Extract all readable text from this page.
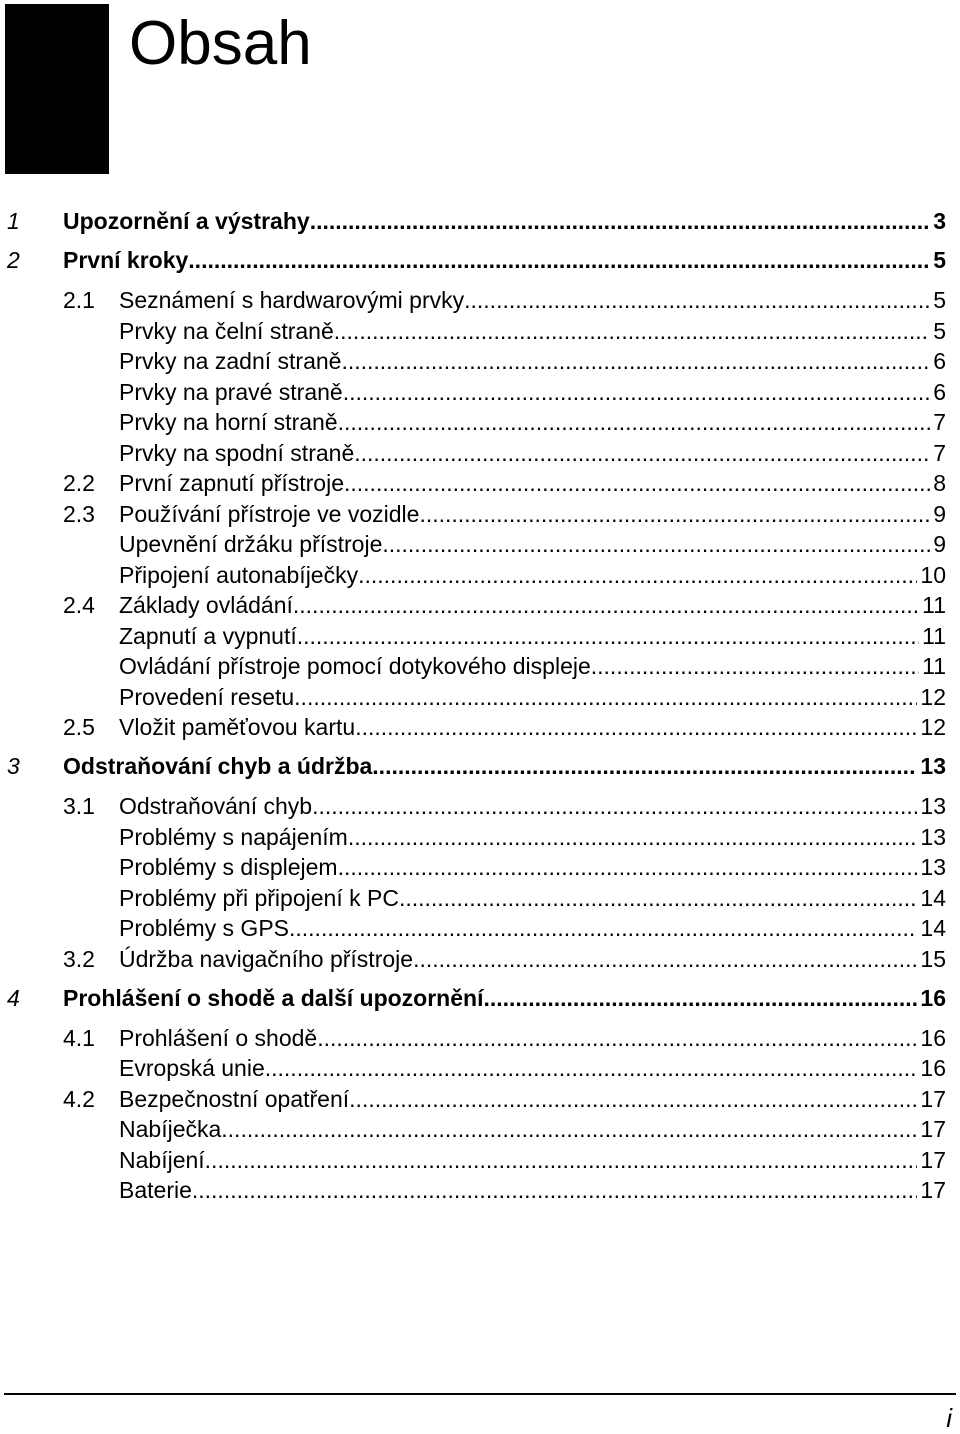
Obsah
1 Upozornění a výstrahy .....	3
2 První kroky .....	5
2.1 Seznámení s hardwarovými prvky .....	5
Prvky na čelní straně .....	5
Prvky na zadní straně .....	6
Prvky na pravé straně .....	6
Prvky na horní straně .....	7
Prvky na spodní straně .....	7
2.2 První zapnutí přístroje .....	8
2.3 Používání přístroje ve vozidle .....	9
Upevnění držáku přístroje .....	9
Připojení autonabíječky .....	10
2.4 Základy ovládání .....	11
Zapnutí a vypnutí .....	11
Ovládání přístroje pomocí dotykového displeje .....	11
Provedení resetu .....	12
2.5 Vložit paměťovou kartu .....	12
3 Odstraňování chyb a údržba .....	13
3.1 Odstraňování chyb .....	13
Problémy s napájením .....	13
Problémy s displejem .....	13
Problémy při připojení k PC .....	14
Problémy s GPS .....	14
3.2 Údržba navigačního přístroje .....	15
4 Prohlášení o shodě a další upozornění .....	16
4.1 Prohlášení o shodě .....	16
Evropská unie .....	16
4.2 Bezpečnostní opatření .....	17
Nabíječka .....	17
Nabíjení .....	17
Baterie .....	17
i
